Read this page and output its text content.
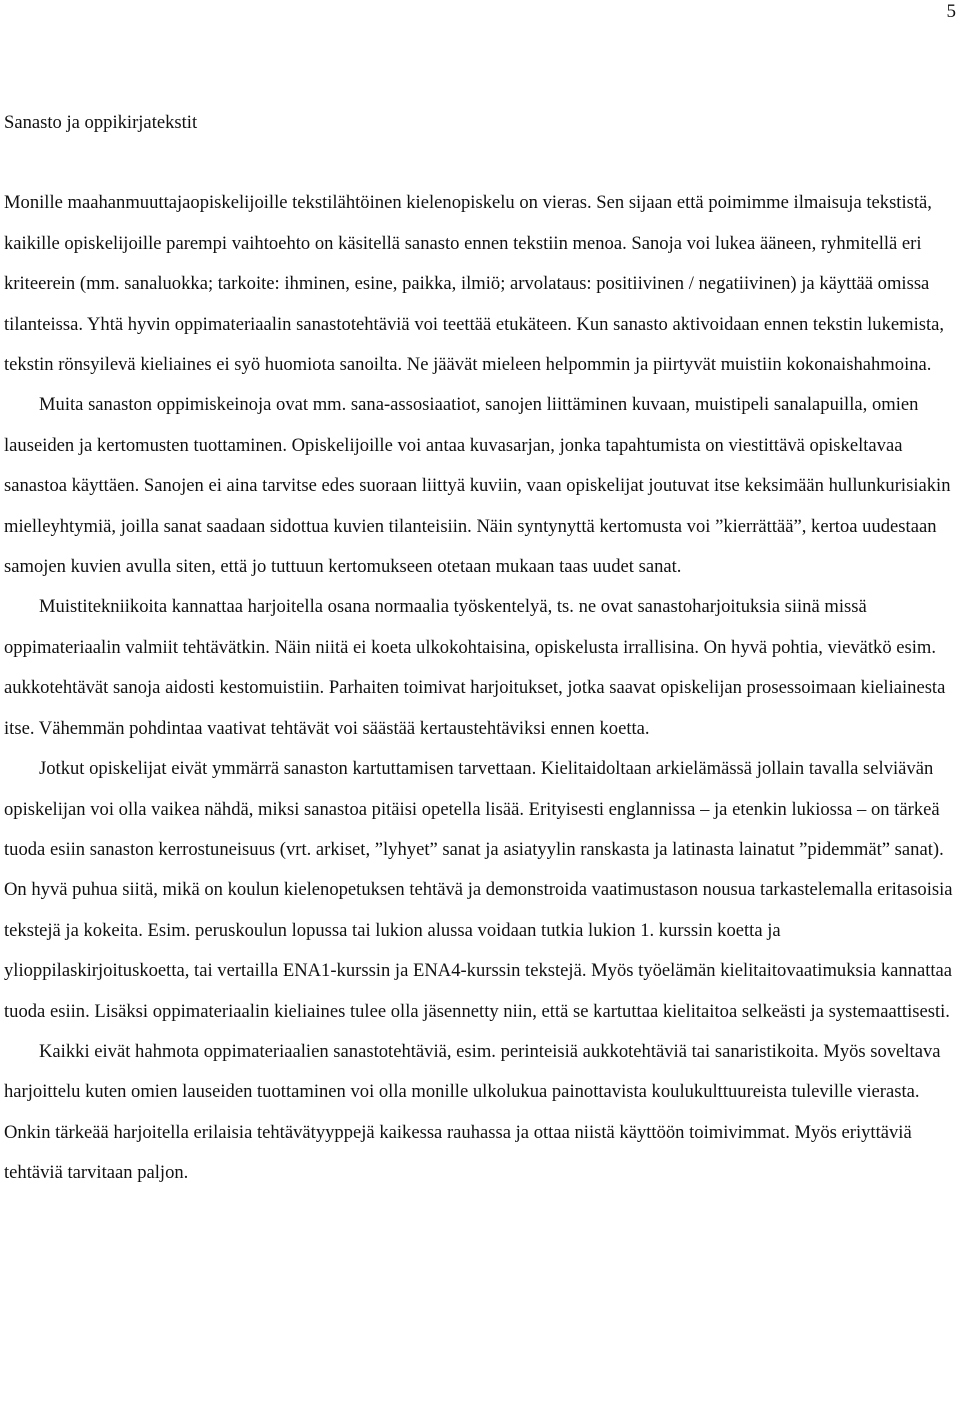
5
Sanasto ja oppikirjatekstit

Monille maahanmuuttajaopiskelijoille tekstilähtöinen kielenopiskelu on vieras. Sen sijaan että poimimme ilmaisuja tekstistä, kaikille opiskelijoille parempi vaihtoehto on käsitellä sanasto ennen tekstiin menoa. Sanoja voi lukea ääneen, ryhmitellä eri kriteerein (mm. sanaluokka; tarkoite: ihminen, esine, paikka, ilmiö; arvolataus: positiivinen / negatiivinen) ja käyttää omissa tilanteissa. Yhtä hyvin oppimateriaalin sanastotehtäviä voi teettää etukäteen. Kun sanasto aktivoidaan ennen tekstin lukemista, tekstin rönsyilevä kieliaines ei syö huomiota sanoilta. Ne jäävät mieleen helpommin ja piirtyvät muistiin kokonaishahmoina.

Muita sanaston oppimiskeinoja ovat mm. sana-assosiaatiot, sanojen liittäminen kuvaan, muistipeli sanalapuilla, omien lauseiden ja kertomusten tuottaminen. Opiskelijoille voi antaa kuvasarjan, jonka tapahtumista on viestittävä opiskeltavaa sanastoa käyttäen. Sanojen ei aina tarvitse edes suoraan liittyä kuviin, vaan opiskelijat joutuvat itse keksimään hullunkurisiakin mielleyhtymiä, joilla sanat saadaan sidottua kuvien tilanteisiin. Näin syntynyttä kertomusta voi ”kierrättää”, kertoa uudestaan samojen kuvien avulla siten, että jo tuttuun kertomukseen otetaan mukaan taas uudet sanat.

Muistitekniikoita kannattaa harjoitella osana normaalia työskentelyä, ts. ne ovat sanastoharjoituksia siinä missä oppimateriaalin valmiit tehtävätkin. Näin niitä ei koeta ulkokohtaisina, opiskelusta irrallisina. On hyvä pohtia, vievätkö esim. aukkotehtävät sanoja aidosti kestomuistiin. Parhaiten toimivat harjoitukset, jotka saavat opiskelijan prosessoimaan kieliainesta itse. Vähemmän pohdintaa vaativat tehtävät voi säästää kertaustehtäviksi ennen koetta.

Jotkut opiskelijat eivät ymmärrä sanaston kartuttamisen tarvettaan. Kielitaidoltaan arkielämässä jollain tavalla selviävän opiskelijan voi olla vaikea nähdä, miksi sanastoa pitäisi opetella lisää. Erityisesti englannissa – ja etenkin lukiossa – on tärkeä tuoda esiin sanaston kerrostuneisuus (vrt. arkiset, ”lyhyet” sanat ja asiatyylin ranskasta ja latinasta lainatut ”pidemmät” sanat). On hyvä puhua siitä, mikä on koulun kielenopetuksen tehtävä ja demonstroida vaatimustason nousua tarkastelemalla eritasoisia tekstejä ja kokeita. Esim. peruskoulun lopussa tai lukion alussa voidaan tutkia lukion 1. kurssin koetta ja ylioppilaskirjoituskoetta, tai vertailla ENA1-kurssin ja ENA4-kurssin tekstejä. Myös työelämän kielitaitovaatimuksia kannattaa tuoda esiin. Lisäksi oppimateriaalin kieliaines tulee olla jäsennetty niin, että se kartuttaa kielitaitoa selkeästi ja systemaattisesti.

Kaikki eivät hahmota oppimateriaalien sanastotehtäviä, esim. perinteisiä aukkotehtäviä tai sanaristikoita. Myös soveltava harjoittelu kuten omien lauseiden tuottaminen voi olla monille ulkolukua painottavista koulukulttuureista tuleville vierasta. Onkin tärkeää harjoitella erilaisia tehtävätyyppejä kaikessa rauhassa ja ottaa niistä käyttöön toimivimmat. Myös eriyttäviä tehtäviä tarvitaan paljon.
